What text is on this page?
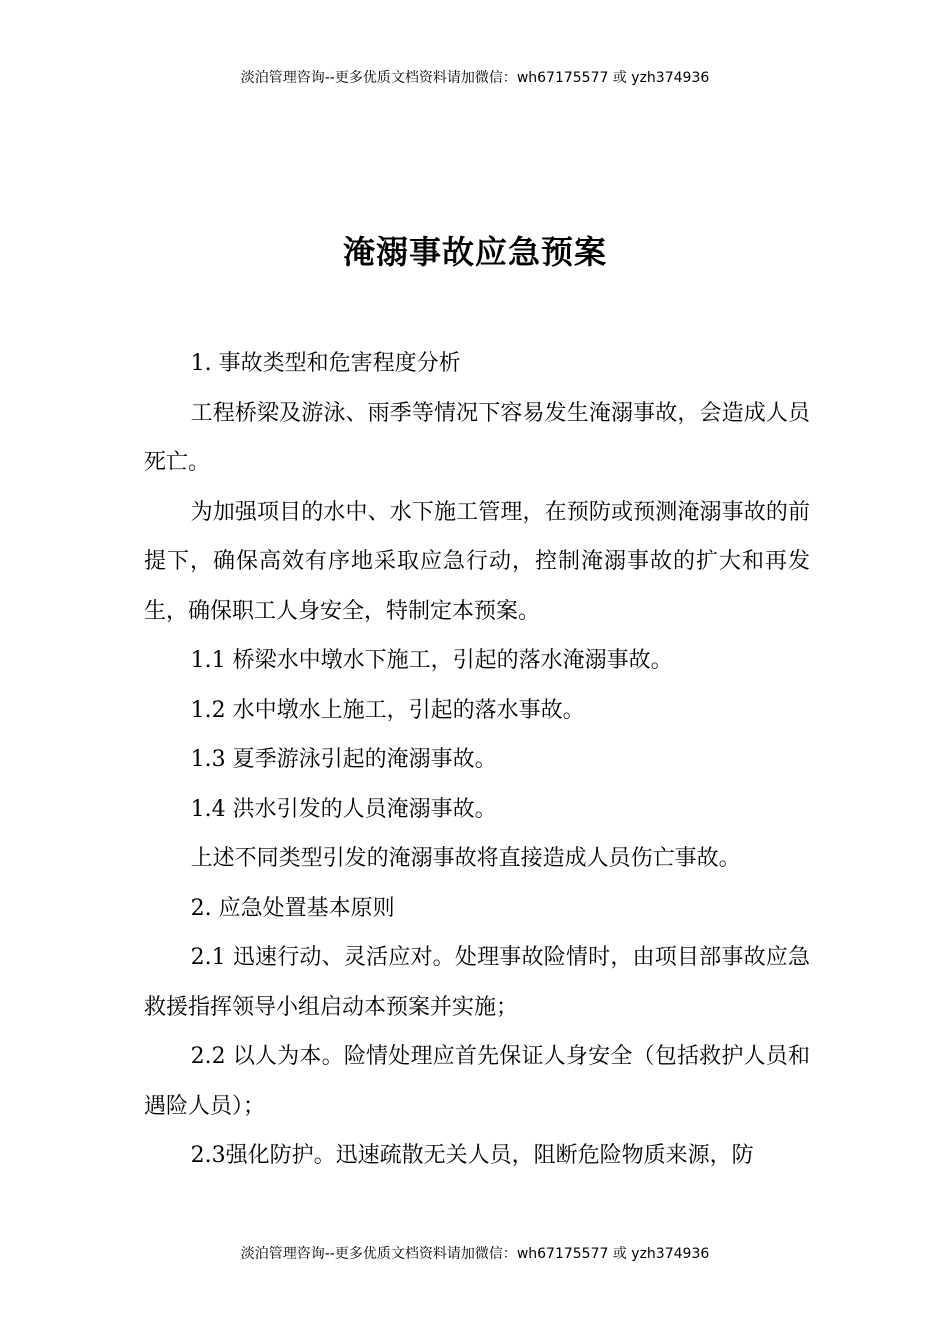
淡泊管理咨询--更多优质文档资料请加微信：wh67175577 或 yzh374936
淹溺事故应急预案

1. 事故类型和危害程度分析

工程桥梁及游泳、雨季等情况下容易发生淹溺事故，会造成人员死亡。

为加强项目的水中、水下施工管理，在预防或预测淹溺事故的前提下，确保高效有序地采取应急行动，控制淹溺事故的扩大和再发生，确保职工人身安全，特制定本预案。

1.1 桥梁水中墩水下施工，引起的落水淹溺事故。

1.2 水中墩水上施工，引起的落水事故。

1.3 夏季游泳引起的淹溺事故。

1.4 洪水引发的人员淹溺事故。

上述不同类型引发的淹溺事故将直接造成人员伤亡事故。

2. 应急处置基本原则

2.1 迅速行动、灵活应对。处理事故险情时，由项目部事故应急救援指挥领导小组启动本预案并实施；

2.2 以人为本。险情处理应首先保证人身安全（包括救护人员和遇险人员）；

2.3强化防护。迅速疏散无关人员，阻断危险物质来源，防

淡泊管理咨询--更多优质文档资料请加微信：wh67175577 或 yzh374936
